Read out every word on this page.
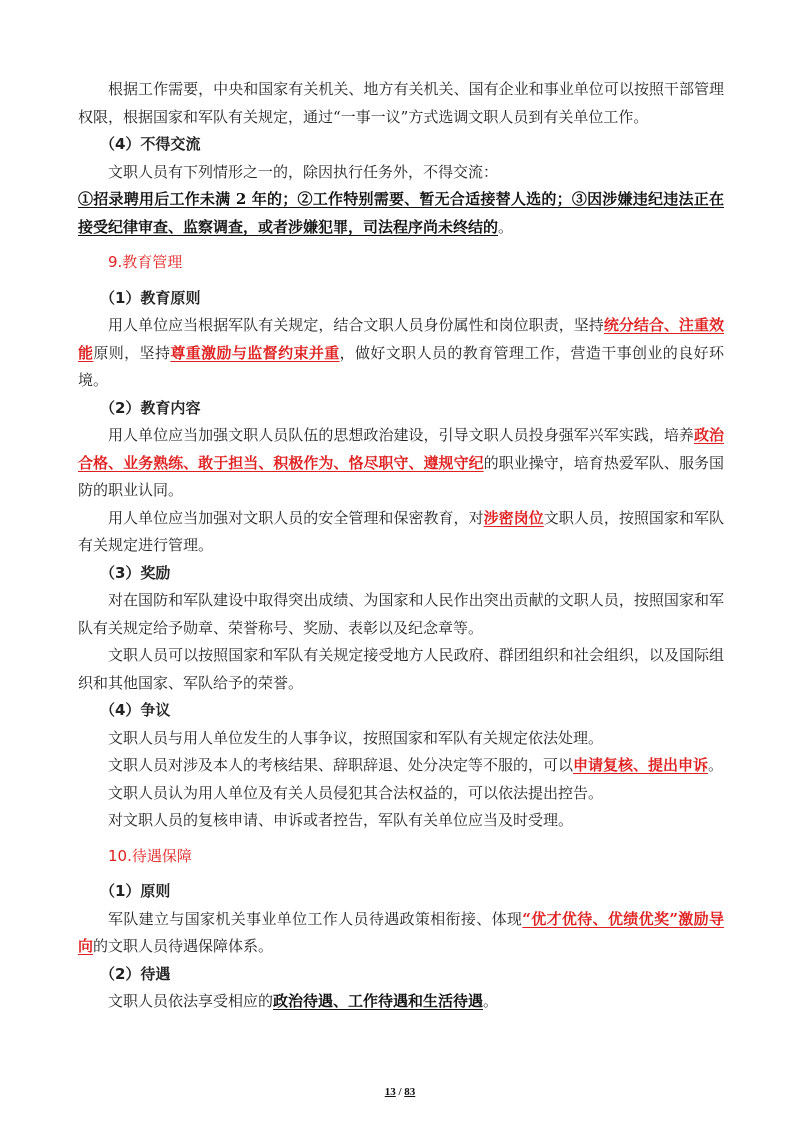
根据工作需要，中央和国家有关机关、地方有关机关、国有企业和事业单位可以按照干部管理权限，根据国家和军队有关规定，通过“一事一议”方式选调文职人员到有关单位工作。

（4）不得交流

文职人员有下列情形之一的，除因执行任务外，不得交流：

①招录聘用后工作未满 2 年的；②工作特别需要、暂无合适接替人选的；③因涉嫌违纪违法正在接受纪律审查、监察调查，或者涉嫌犯罪，司法程序尚未终结的。

9.教育管理

（1）教育原则

用人单位应当根据军队有关规定，结合文职人员身份属性和岗位职责，坚持统分结合、注重效能原则，坚持尊重激励与监督约束并重，做好文职人员的教育管理工作，营造干事创业的良好环境。

（2）教育内容

用人单位应当加强文职人员队伍的思想政治建设，引导文职人员投身强军兴军实践，培养政治合格、业务熟练、敢于担当、积极作为、恪尽职守、遵规守纪的职业操守，培育热爱军队、服务国防的职业认同。

用人单位应当加强对文职人员的安全管理和保密教育，对涉密岗位文职人员，按照国家和军队有关规定进行管理。

（3）奖励

对在国防和军队建设中取得突出成绩、为国家和人民作出突出贡献的文职人员，按照国家和军队有关规定给予勋章、荣誉称号、奖励、表彰以及纪念章等。

文职人员可以按照国家和军队有关规定接受地方人民政府、群团组织和社会组织，以及国际组织和其他国家、军队给予的荣誉。

（4）争议

文职人员与用人单位发生的人事争议，按照国家和军队有关规定依法处理。

文职人员对涉及本人的考核结果、辞职辞退、处分决定等不服的，可以申请复核、提出申诉。

文职人员认为用人单位及有关人员侵犯其合法权益的，可以依法提出控告。

对文职人员的复核申请、申诉或者控告，军队有关单位应当及时受理。

10.待遇保障

（1）原则

军队建立与国家机关事业单位工作人员待遇政策相衔接、体现“优才优待、优绩优奖”激励导向的文职人员待遇保障体系。

（2）待遇

文职人员依法享受相应的政治待遇、工作待遇和生活待遇。

13 / 83
